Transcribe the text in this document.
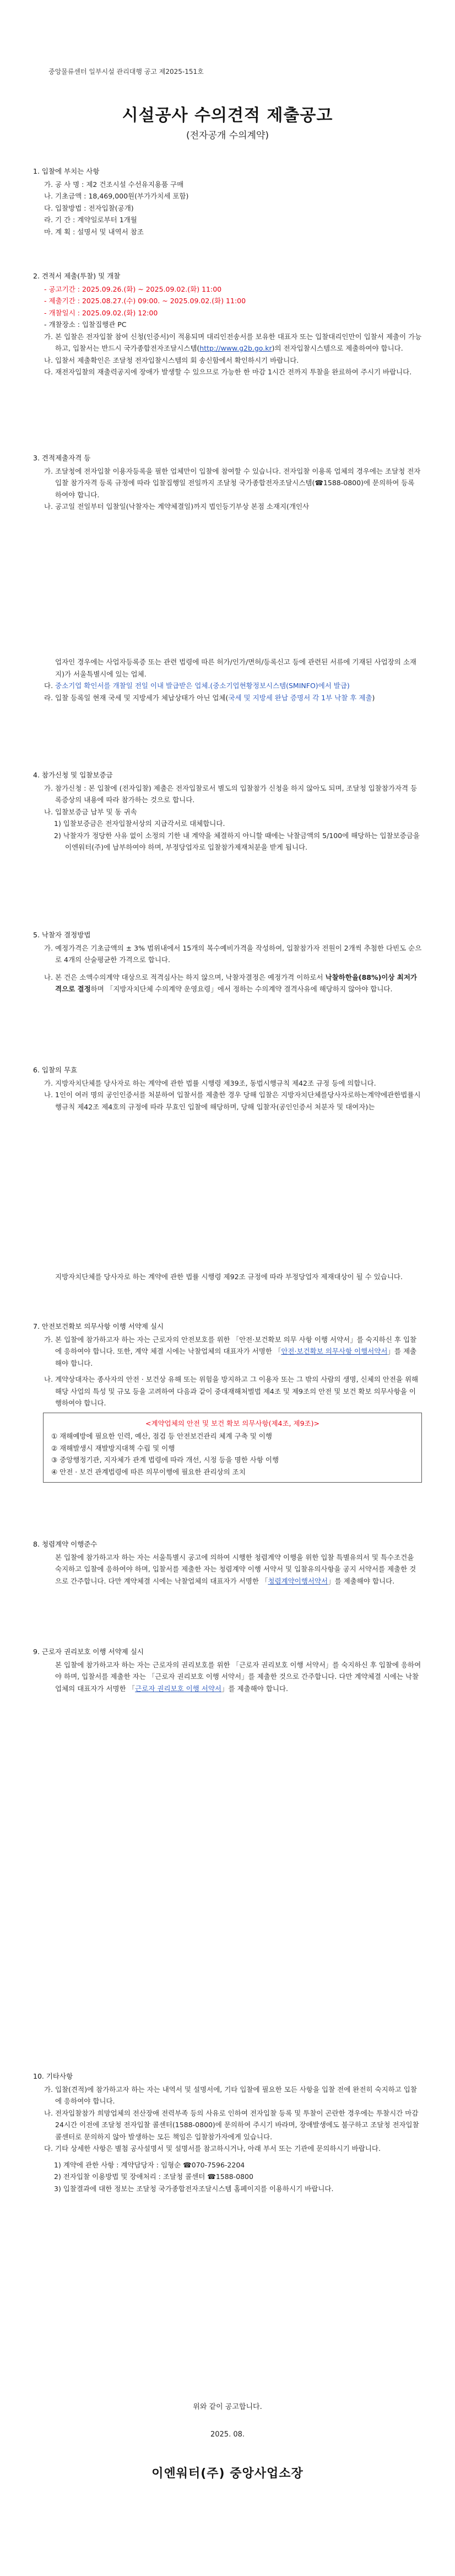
중앙물류센터 일부시설 관리대행 공고 제2025-151호
시설공사 수의견적 제출공고
(전자공개 수의계약)
1. 입찰에 부치는 사항
가. 공 사 명 : 제2 건조시설 수선유지용품 구매
나. 기초금액 : 18,469,000원(부가가치세 포함)
다. 입찰방법 : 전자입찰(공개)
라. 기 간 : 계약일로부터 1개월
마. 계 획 : 설명서 및 내역서 참조
2. 견적서 제출(투찰) 및 개찰
- 공고기간 : 2025.09.26.(화) ~ 2025.09.02.(화) 11:00
- 제출기간 : 2025.08.27.(수) 09:00. ~ 2025.09.02.(화) 11:00
- 개찰일시 : 2025.09.02.(화) 12:00
- 개찰장소 : 입찰집행관 PC
가. 본 입찰은 전자입찰 참여 신청(인증서)이 적용되며 대리인전송서를 보유한 대표자 또는 입찰대리인만이 입찰서 제출이 가능하고, 입찰서는 반드시 국가종합전자조달시스템(http://www.g2b.go.kr)의 전자입찰시스템으로 제출하여야 합니다.
나. 입찰서 제출확인은 조달청 전자입찰시스템의 회 송신함에서 확인하시기 바랍니다.
다. 재전자입찰의 재출력공지에 장애가 발생할 수 있으므로 가능한 한 마감 1시간 전까지 투찰을 완료하여 주시기 바랍니다.
3. 견적제출자격 등
가. 조달청에 전자입찰 이용자등록을 필한 업체만이 입찰에 참여할 수 있습니다. 전자입찰 이용록 업체의 경우에는 조달청 전자입찰 참가자격 등록 규정에 따라 입찰집행일 전일까지 조달청 국가종합전자조달시스템(☎1588-0800)에 문의하여 등록 하여야 합니다.
나. 공고일 전일부터 입찰일(낙찰자는 계약체결일)까지 법인등기부상 본점 소재지(개인사
업자인 경우에는 사업자등록증 또는 관련 법령에 따른 허가/인가/면허/등록신고 등에 관련된 서류에 기재된 사업장의 소재지)가 서울특별시에 있는 업체.
다. 중소기업 확인서를 개찰일 전일 이내 발급받은 업체.(중소기업현황정보시스템(SMINFO)에서 발급)
라. 입찰 등록일 현재 국세 및 지방세가 체납상태가 아닌 업체(국세 및 지방세 완납 증명서 각 1부 낙찰 후 제출)
4. 참가신청 및 입찰보증금
가. 참가신청 : 본 입찰에 (전자입찰) 제출은 전자입찰로서 별도의 입찰참가 신청을 하지 않아도 되며, 조달청 입찰참가자격 등록증상의 내용에 따라 참가하는 것으로 합니다.
나. 입찰보증금 납부 및 동 귀속
1) 입찰보증금은 전자입찰서상의 지급각서로 대체합니다.
2) 낙찰자가 정당한 사유 없이 소정의 기한 내 계약을 체결하지 아니할 때에는 낙찰금액의 5/100에 해당하는 입찰보증금을 이엔워터(주)에 납부하여야 하며, 부정당업자로 입찰참가제재처분을 받게 됩니다.
5. 낙찰자 결정방법
가. 예정가격은 기초금액의 ± 3% 범위내에서 15개의 복수예비가격을 작성하여, 입찰참가자 전원이 2개씩 추첨한 다빈도 순으로 4개의 산술평균한 가격으로 합니다.
나. 본 건은 소액수의계약 대상으로 적격심사는 하지 않으며, 낙찰자결정은 예정가격 이하로서 낙찰하한율(88%)이상 최저가격으로 결정하며 「지방자치단체 수의계약 운영요령」에서 정하는 수의계약 결격사유에 해당하지 않아야 합니다.
6. 입찰의 무효
가. 지방자치단체를 당사자로 하는 계약에 관한 법률 시행령 제39조, 동법시행규칙 제42조 규정 등에 의합니다.
나. 1인이 여러 명의 공인인증서를 처분하여 입찰서를 제출한 경우 당해 입찰은 지방자치단체를당사자로하는계약에관한법률시행규칙 제42조 제4호의 규정에 따라 무효인 입찰에 해당하며, 당해 입찰자(공인인증서 처분자 및 대여자)는
지방자치단체를 당사자로 하는 계약에 관한 법률 시행령 제92조 규정에 따라 부정당업자 제재대상이 될 수 있습니다.
7. 안전보건확보 의무사항 이행 서약제 실시
가. 본 입찰에 참가하고자 하는 자는 근로자의 안전보호를 위한 「안전·보건확보 의무 사항 이행 서약서」를 숙지하신 후 입찰에 응하여야 합니다. 또한, 계약 체결 시에는 낙찰업체의 대표자가 서명한 「안전·보건확보 의무사항 이행서약서」를 제출해야 합니다.
나. 계약상대자는 종사자의 안전 · 보건상 유해 또는 위험을 방지하고 그 이용자 또는 그 밖의 사람의 생명, 신체의 안전을 위해 해당 사업의 특성 및 규모 등을 고려하여 다음과 같이 중대재해처벌법 제4조 및 제9조의 안전 및 보건 확보 의무사항을 이행하여야 합니다.
<계약업체의 안전 및 보건 확보 의무사항(제4조, 제9조)>
① 재해예방에 필요한 인력, 예산, 점검 등 안전보건관리 체계 구축 및 이행
② 재해발생시 재발방지대책 수립 및 이행
③ 중앙행정기관, 지자체가 관계 법령에 따라 개선, 시정 등을 명한 사항 이행
④ 안전 · 보건 관계법령에 따른 의무이행에 필요한 관리상의 조치
8. 청렴계약 이행준수
본 입찰에 참가하고자 하는 자는 서울특별시 공고에 의하여 시행한 청렴계약 이행을 위한 입찰 특별유의서 및 특수조건을 숙지하고 입찰에 응하여야 하며, 입찰서를 제출한 자는 청렴계약 이행 서약서 및 입찰유의사항을 공지 서약서를 제출한 것으로 간주합니다. 다만 계약체결 시에는 낙찰업체의 대표자가 서명한 「청렴계약이행서약서」를 제출해야 합니다.
9. 근로자 권리보호 이행 서약제 실시
본 입찰에 참가하고자 하는 자는 근로자의 권리보호를 위한 「근로자 권리보호 이행 서약서」를 숙지하신 후 입찰에 응하여야 하며, 입찰서를 제출한 자는 「근로자 권리보호 이행 서약서」를 제출한 것으로 간주합니다. 다만 계약체결 시에는 낙찰업체의 대표자가 서명한 「근로자 권리보호 이행 서약서」를 제출해야 합니다.
10. 기타사항
가. 입찰(견적)에 참가하고자 하는 자는 내역서 및 설명서에, 기타 입찰에 필요한 모든 사항을 입찰 전에 완전히 숙지하고 입찰에 응하여야 합니다.
나. 전자입찰참가 희망업체의 전산장애 전력부족 등의 사유로 인하여 전자입찰 등록 및 투찰이 곤란한 경우에는 투찰시간 마감24시간 이전에 조달청 전자입찰 콜센터(1588-0800)에 문의하여 주시기 바라며, 장애발생에도 불구하고 조달청 전자입찰 콜센터로 문의하지 않아 발생하는 모든 책임은 입찰참가자에게 있습니다.
다. 기타 상세한 사항은 별첨 공사설명서 및 설명서를 참고하시거나, 아래 부서 또는 기관에 문의하시기 바랍니다.
1) 계약에 관한 사항 : 계약담당자 : 임형순 ☎070-7596-2204
2) 전자입찰 이용방법 및 장애처리 : 조달청 콜센터 ☎1588-0800
3) 입찰결과에 대한 정보는 조달청 국가종합전자조달시스템 홈페이지를 이용하시기 바랍니다.
위와 같이 공고합니다.
2025. 08.
이엔워터(주) 중앙사업소장
